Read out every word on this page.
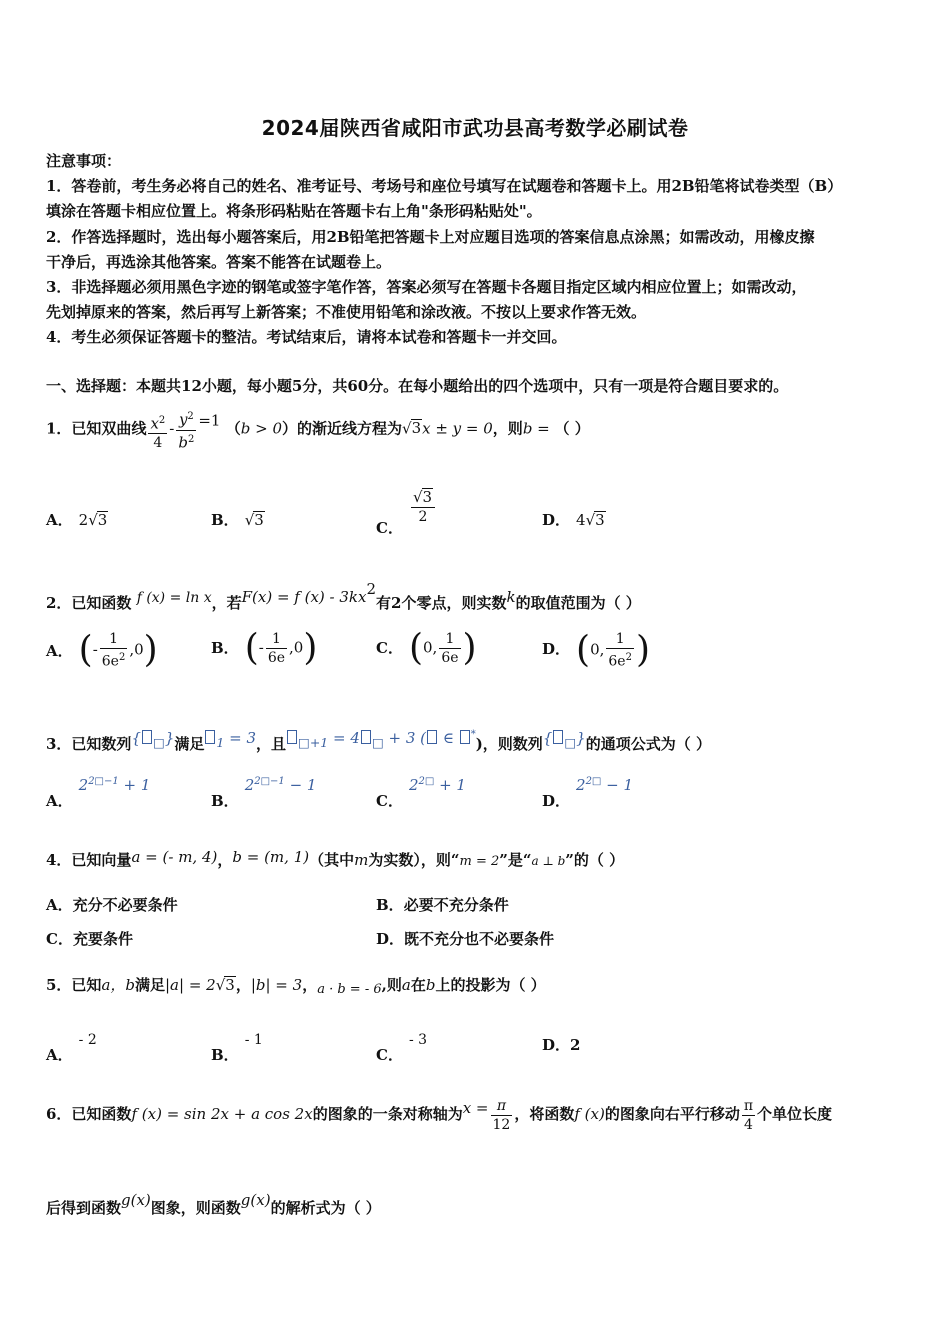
2024届陕西省咸阳市武功县高考数学必刷试卷
注意事项：
1．答卷前，考生务必将自己的姓名、准考证号、考场号和座位号填写在试题卷和答题卡上。用2B铅笔将试卷类型（B）
填涂在答题卡相应位置上。将条形码粘贴在答题卡右上角"条形码粘贴处"。
2．作答选择题时，选出每小题答案后，用2B铅笔把答题卡上对应题目选项的答案信息点涂黑；如需改动，用橡皮擦
干净后，再选涂其他答案。答案不能答在试题卷上。
3．非选择题必须用黑色字迹的钢笔或签字笔作答，答案必须写在答题卡各题目指定区域内相应位置上；如需改动，
先划掉原来的答案，然后再写上新答案；不准使用铅笔和涂改液。不按以上要求作答无效。
4．考生必须保证答题卡的整洁。考试结束后，请将本试卷和答题卡一并交回。
一、选择题：本题共12小题，每小题5分，共60分。在每小题给出的四个选项中，只有一项是符合题目要求的。
1．已知双曲线 $\frac{x^2}{4} - \frac{y^2}{b^2} =1$ （b > 0）的渐近线方程为√3x ± y = 0，则b = （ ）
A． 2√3	B． √3	C．
$\frac{√3}{2}$	D． 4√3
2．已知函数 f (x) = ln x，若F(x) = f $(x) - 3kx^2$有2个零点，则实数k的取值范围为（ ）
A． (- $\frac{1}{6e^2} ,0$)	B． (- $\frac{1}{6e} ,0$)	C． (0, $\frac{1}{6e}$ )	D． (0, $\frac{1}{6e^2}$ )
3．已知数列{ $_□$}满足 $_1$ = 3，且 $_{□+1}$ = 4 $_□$ + 3 ( ∈ *)，则数列{ $_□$}的通项公式为（ ）
A．$2^{2□-1} + 1$
B．$2^{2□-1} - 1$
C．$2^{2□} + 1$
D．$2^{2□} - 1$
4．已知向量a = (- m, 4)，b = (m, 1)（其中m为实数），则“m = 2”是“a ⊥ b”的（ ）
A．充分不必要条件	B．必要不充分条件
C．充要条件	D．既不充分也不必要条件
5．已知a，b满足|a| = 2√3，|b| = 3，a · b = - 6,则a在b上的投影为（ ）
A．- 2
B．- 1
C．- 3	D．2
6．已知函数f (x) = sin 2x + a cos 2x的图象的一条对称轴为$x = \frac{\pi}{12}$ ，将函数f (x)的图象向右平行移动 $\frac{\pi}{4}$ 个单位长度
后得到函数g(x)图象，则函数g(x)的解析式为（ ）
